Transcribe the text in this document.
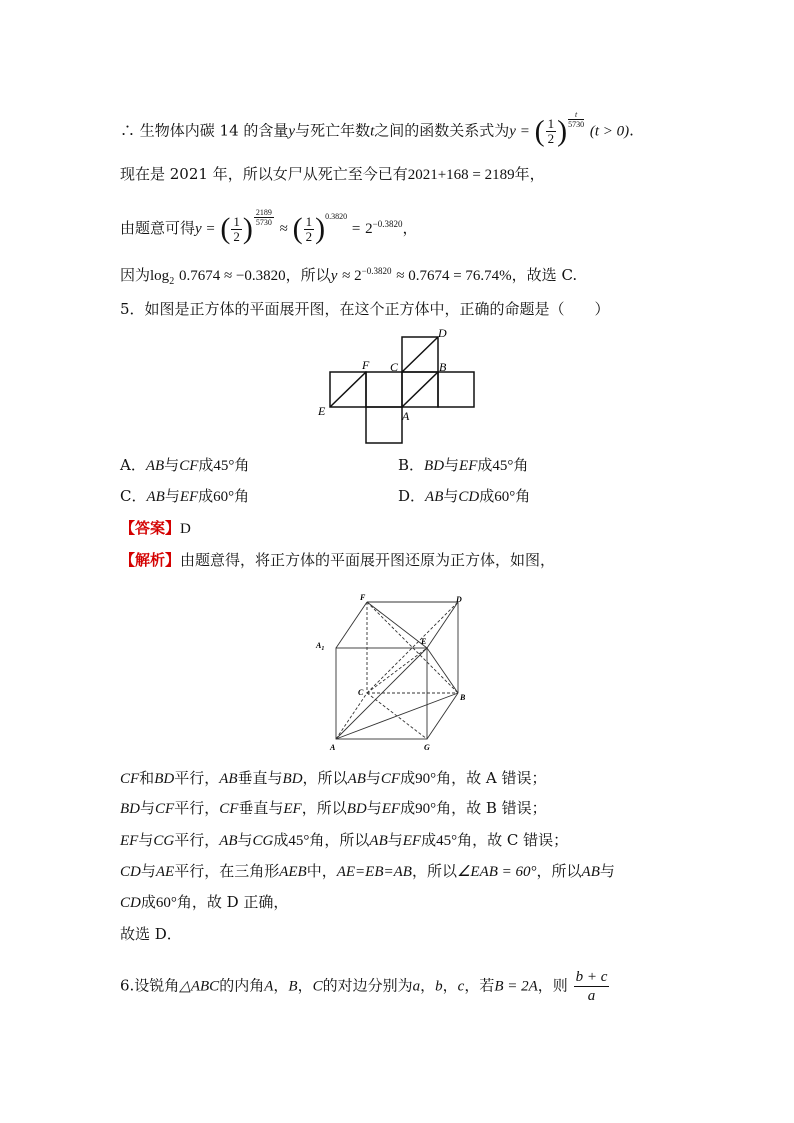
∴ 生物体内碳 14 的含量y与死亡年数t之间的函数关系式为y = ( $\frac{1}{2}$ ) $^{\frac{t}{5730}}$
(t > 0).
现在是 2021 年，所以女尸从死亡至今已有2021+168 = 2189年，
由题意可得y = ( $\frac{1}{2}$ ) $^{\frac{2189}{5730}}$
≈ ( $\frac{1}{2} )^{0.3820} = 2^{-0.3820}$，
因为$\log_2 0.7674 \approx -0.3820$，所以$y \approx 2^{-0.3820} \approx 0.7674 = 76.74\%$，故选 C.
5．如图是正方体的平面展开图，在这个正方体中，正确的命题是（　　）
D
F C	B
E	A
A．AB与CF成45°角	B．BD与EF成45°角
C．AB与EF成60°角	D．AB与CD成60°角
【答案】D
【解析】由题意得，将正方体的平面展开图还原为正方体，如图，
F	D
$A_1$
E
C
B
A	G
CF和BD平行，AB垂直与BD，所以AB与CF成90°角，故 A 错误；
BD与CF平行，CF垂直与EF，所以BD与EF成90°角，故 B 错误；
EF与CG平行，AB与CG成45°角，所以AB与EF成45°角，故 C 错误；
CD与AE平行，在三角形AEB中，AE=EB=AB，所以∠EAB = 60°，所以AB与
CD成60°角，故 D 正确，
故选 D．
6.设锐角△ABC的内角A，B，C的对边分别为a，b，c，若B = 2A，则 $\frac{b + c}{a}$
